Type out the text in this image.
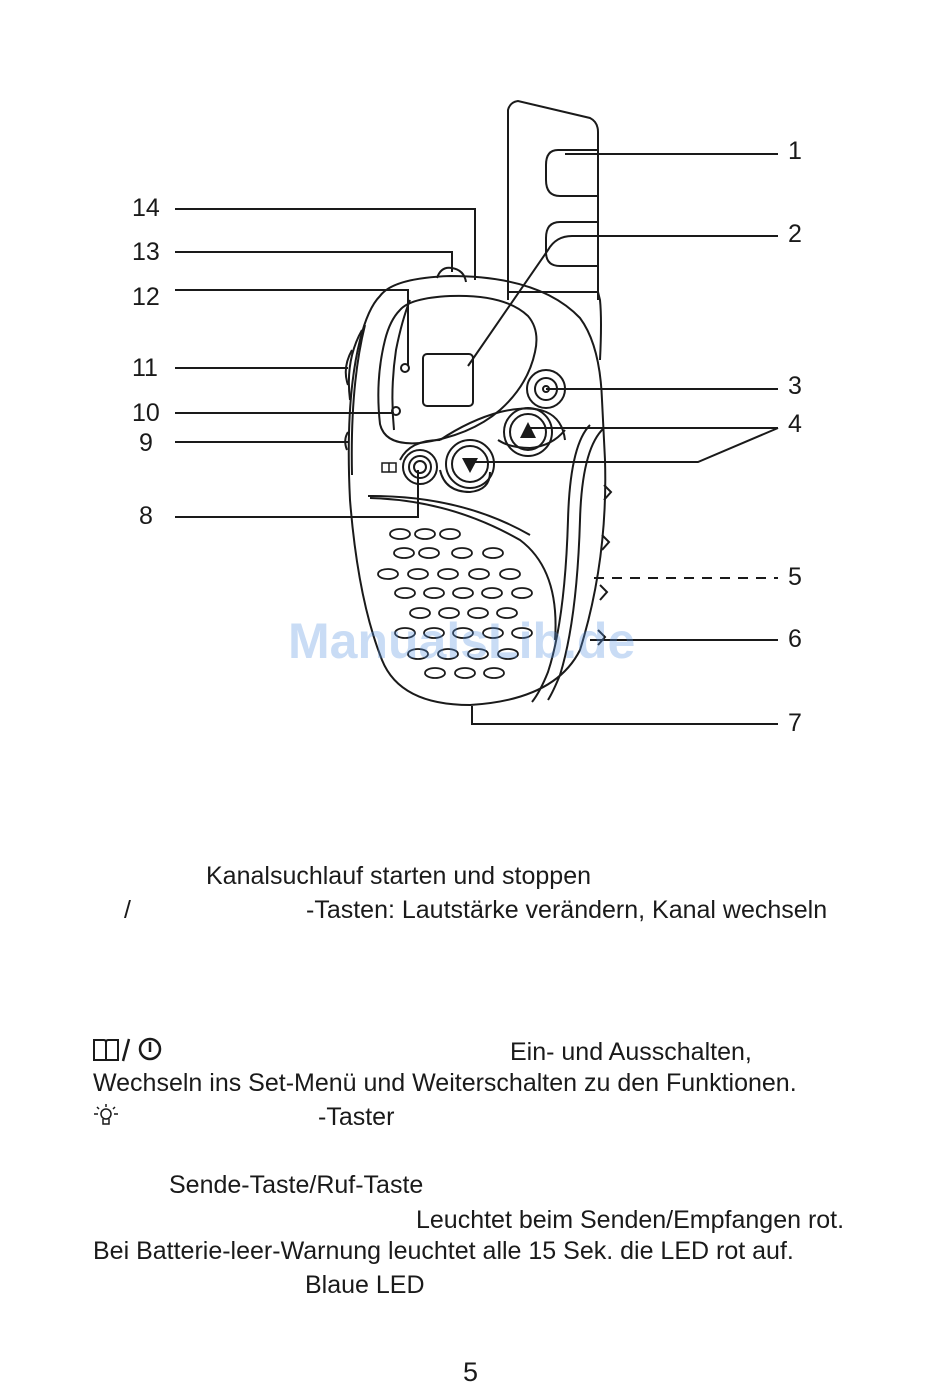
1
2
3
4
5
6
7
8
9
10
11
12
13
14
ManualsLib.de
Kanalsuchlauf starten und stoppen
/	-Tasten: Lautstärke verändern, Kanal wechseln
Ein- und Ausschalten,
Wechseln ins Set-Menü und Weiterschalten zu den Funktionen.
-Taster
Sende-Taste/Ruf-Taste
Leuchtet beim Senden/Empfangen rot.
Bei Batterie-leer-Warnung leuchtet alle 15 Sek. die LED rot auf.
Blaue LED
5
